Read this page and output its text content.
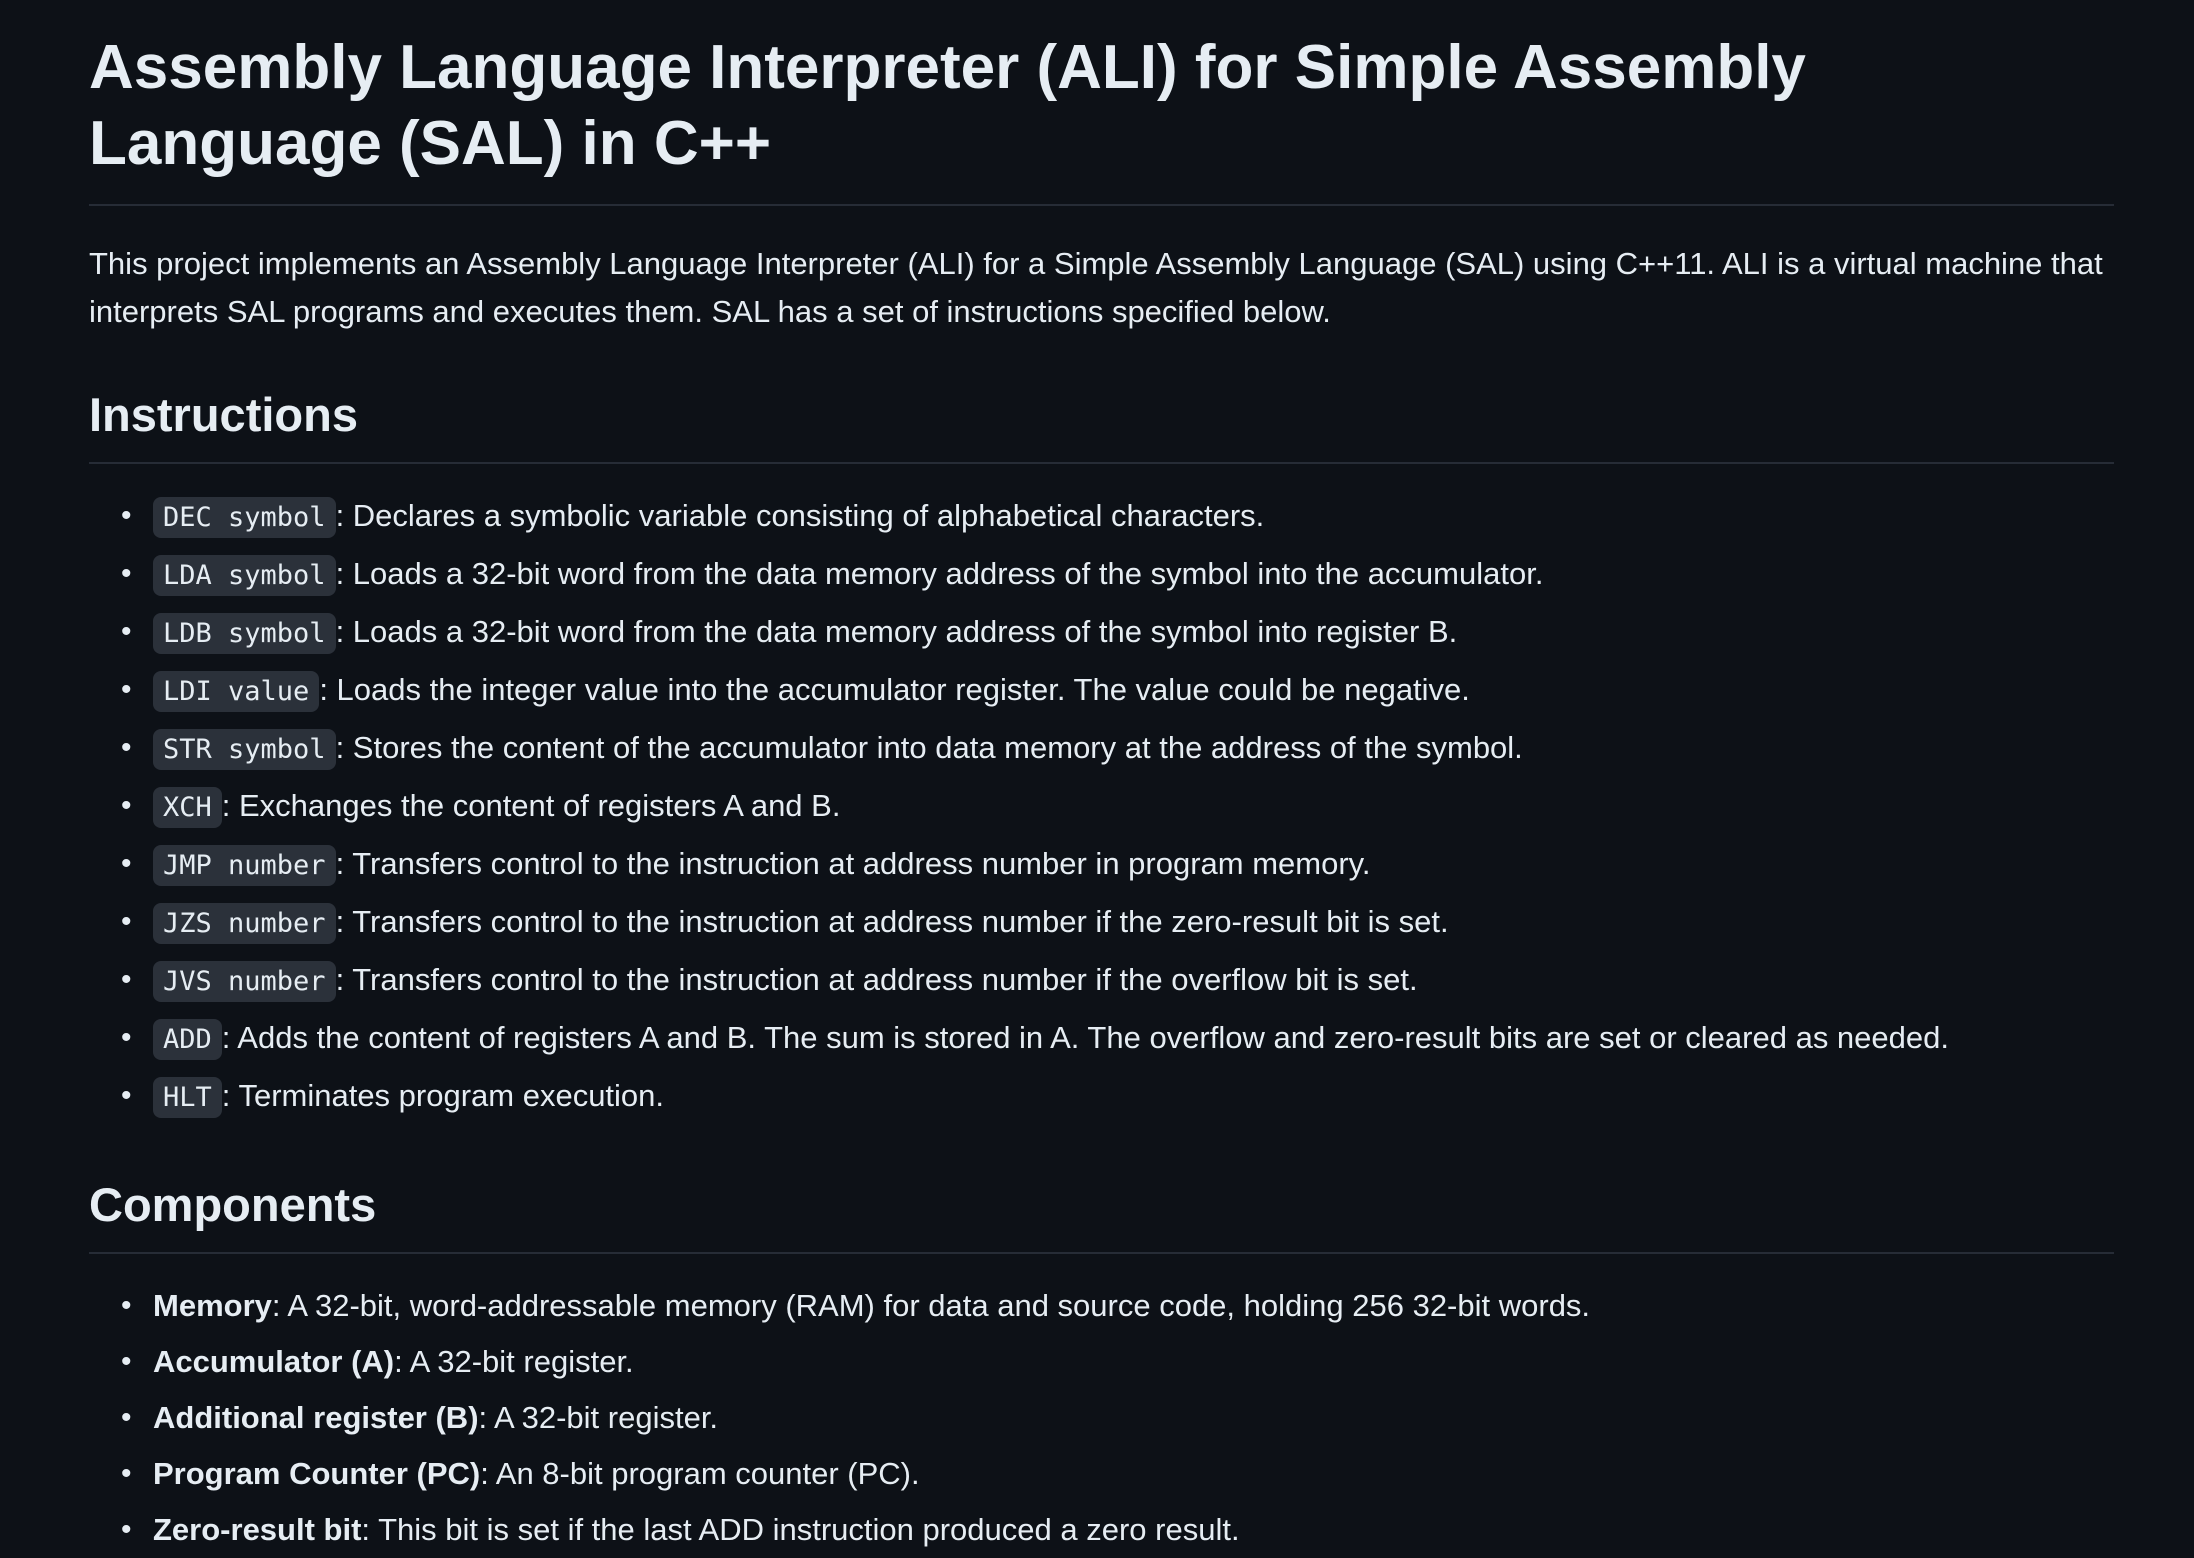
Assembly Language Interpreter (ALI) for Simple Assembly Language (SAL) in C++

This project implements an Assembly Language Interpreter (ALI) for a Simple Assembly Language (SAL) using C++11. ALI is a virtual machine that interprets SAL programs and executes them. SAL has a set of instructions specified below.

Instructions
• DEC symbol : Declares a symbolic variable consisting of alphabetical characters.
• LDA symbol : Loads a 32-bit word from the data memory address of the symbol into the accumulator.
• LDB symbol : Loads a 32-bit word from the data memory address of the symbol into register B.
• LDI value : Loads the integer value into the accumulator register. The value could be negative.
• STR symbol : Stores the content of the accumulator into data memory at the address of the symbol.
• XCH : Exchanges the content of registers A and B.
• JMP number : Transfers control to the instruction at address number in program memory.
• JZS number : Transfers control to the instruction at address number if the zero-result bit is set.
• JVS number : Transfers control to the instruction at address number if the overflow bit is set.
• ADD : Adds the content of registers A and B. The sum is stored in A. The overflow and zero-result bits are set or cleared as needed.
• HLT : Terminates program execution.
Components
• Memory: A 32-bit, word-addressable memory (RAM) for data and source code, holding 256 32-bit words.
• Accumulator (A): A 32-bit register.
• Additional register (B): A 32-bit register.
• Program Counter (PC): An 8-bit program counter (PC).
• Zero-result bit: This bit is set if the last ADD instruction produced a zero result.
